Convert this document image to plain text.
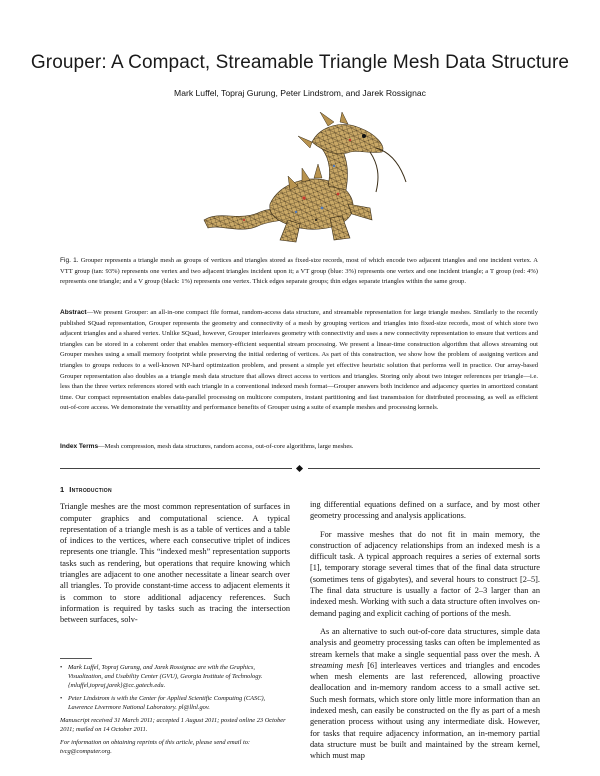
Grouper: A Compact, Streamable Triangle Mesh Data Structure

Mark Luffel, Topraj Gurung, Peter Lindstrom, and Jarek Rossignac

Fig. 1. Grouper represents a triangle mesh as groups of vertices and triangles stored as fixed-size records, most of which encode two adjacent triangles and one incident vertex. A VTT group (tan: 93%) represents one vertex and two adjacent triangles incident upon it; a VT group (blue: 3%) represents one vertex and one incident triangle; a T group (red: 4%) represents one triangle; and a V group (black: 1%) represents one vertex. Thick edges separate groups; thin edges separate triangles within the same group.

Abstract—We present Grouper: an all-in-one compact file format, random-access data structure, and streamable representation for large triangle meshes. Similarly to the recently published SQuad representation, Grouper represents the geometry and connectivity of a mesh by grouping vertices and triangles into fixed-size records, most of which store two adjacent triangles and a shared vertex. Unlike SQuad, however, Grouper interleaves geometry with connectivity and uses a new connectivity representation to ensure that vertices and triangles can be stored in a coherent order that enables memory-efficient sequential stream processing. We present a linear-time construction algorithm that allows streaming out Grouper meshes using a small memory footprint while preserving the initial ordering of vertices. As part of this construction, we show how the problem of assigning vertices and triangles to groups reduces to a well-known NP-hard optimization problem, and present a simple yet effective heuristic solution that performs well in practice. Our array-based Grouper representation also doubles as a triangle mesh data structure that allows direct access to vertices and triangles. Storing only about two integer references per triangle—i.e. less than the three vertex references stored with each triangle in a conventional indexed mesh format—Grouper answers both incidence and adjacency queries in amortized constant time. Our compact representation enables data-parallel processing on multicore computers, instant partitioning and fast transmission for distributed processing, as well as efficient out-of-core access. We demonstrate the versatility and performance benefits of Grouper using a suite of example meshes and processing kernels.

Index Terms—Mesh compression, mesh data structures, random access, out-of-core algorithms, large meshes.

1 Introduction

Triangle meshes are the most common representation of surfaces in computer graphics and computational science. A typical representation of a triangle mesh is as a table of vertices and a table of indices to the vertices, where each consecutive triplet of indices represents one triangle. This “indexed mesh” representation supports tasks such as rendering, but operations that require knowing which triangles are adjacent to one another necessitate a linear search over all triangles. To provide constant-time access to adjacent elements it is common to store additional adjacency references. Such information is required by tasks such as tracing the intersection between surfaces, solv-

ing differential equations defined on a surface, and by most other geometry processing and analysis applications.

For massive meshes that do not fit in main memory, the construction of adjacency relationships from an indexed mesh is a difficult task. A typical approach requires a series of external sorts [1], temporary storage several times that of the final data structure (sometimes tens of gigabytes), and several hours to construct [2–5]. The final data structure is usually a factor of 2–3 larger than an indexed mesh. Working with such a data structure often involves on-demand paging and explicit caching of portions of the mesh.

As an alternative to such out-of-core data structures, simple data analysis and geometry processing tasks can often be implemented as stream kernels that make a single sequential pass over the mesh. A streaming mesh [6] interleaves vertices and triangles and encodes when mesh elements are last referenced, allowing proactive deallocation and in-memory random access to a small active set. Such mesh formats, which store only little more information than an indexed mesh, can easily be constructed on the fly as part of a mesh generation process without using any intermediate disk. However, for tasks that require adjacency information, an in-memory partial data structure must be built and maintained by the stream kernel, which must map

• Mark Luffel, Topraj Gurung, and Jarek Rossignac are with the Graphics, Visualization, and Usability Center (GVU), Georgia Institute of Technology. {mluffel,topraj,jarek}@cc.gatech.edu.

• Peter Lindstrom is with the Center for Applied Scientific Computing (CASC), Lawrence Livermore National Laboratory. pl@llnl.gov.

Manuscript received 31 March 2011; accepted 1 August 2011; posted online 23 October 2011; mailed on 14 October 2011.

For information on obtaining reprints of this article, please send email to: tvcg@computer.org.
